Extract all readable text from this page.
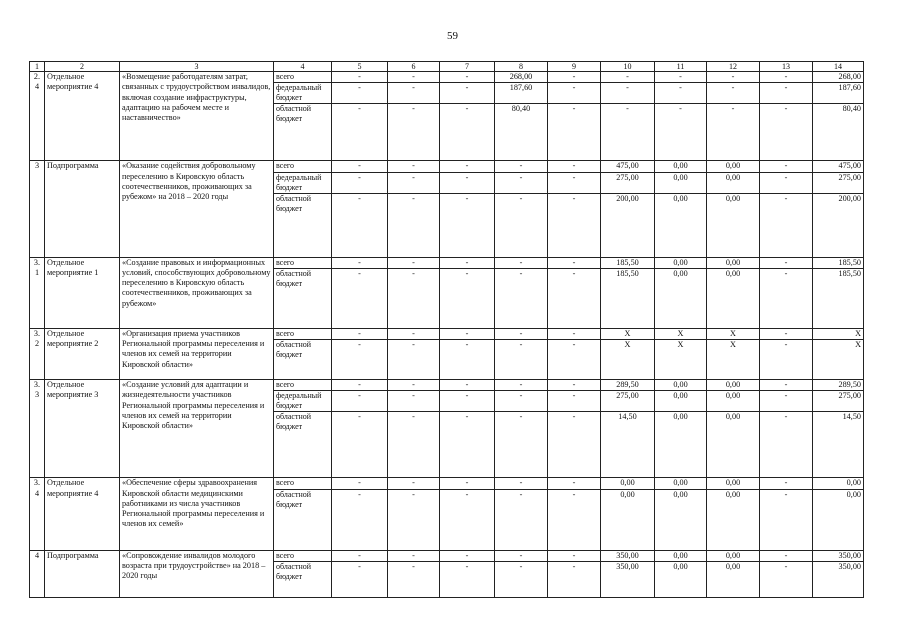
59
1	2	3	4	5	6	7	8	9	10	11	12	13	14
2.4	Отдельное мероприятие 4	«Возмещение работодателям затрат, связанных с трудоустройством инвалидов, включая создание инфраструктуры, адаптацию на рабочем месте и наставничество»	всего	-	-	-	268,00	-	-	-	-	-	268,00
			федеральный бюджет	-	-	-	187,60	-	-	-	-	-	187,60
			областной бюджет	-	-	-	80,40	-	-	-	-	-	80,40
3	Подпрограмма	«Оказание содействия добровольному переселению в Кировскую область соотечественников, проживающих за рубежом» на 2018 – 2020 годы	всего	-	-	-	-	-	475,00	0,00	0,00	-	475,00
			федеральный бюджет	-	-	-	-	-	275,00	0,00	0,00	-	275,00
			областной бюджет	-	-	-	-	-	200,00	0,00	0,00	-	200,00
3.1	Отдельное мероприятие 1	«Создание правовых и информационных условий, способствующих добровольному переселению в Кировскую область соотечественников, проживающих за рубежом»	всего	-	-	-	-	-	185,50	0,00	0,00	-	185,50
			областной бюджет	-	-	-	-	-	185,50	0,00	0,00	-	185,50
3.2	Отдельное мероприятие 2	«Организация приема участников Региональной программы переселения и членов их семей на территории Кировской области»	всего	-	-	-	-	-	Х	Х	Х	-	Х
			областной бюджет	-	-	-	-	-	Х	Х	Х	-	Х
3.3	Отдельное мероприятие 3	«Создание условий для адаптации и жизнедеятельности участников Региональной программы переселения и членов их семей на территории Кировской области»	всего	-	-	-	-	-	289,50	0,00	0,00	-	289,50
			федеральный бюджет	-	-	-	-	-	275,00	0,00	0,00	-	275,00
			областной бюджет	-	-	-	-	-	14,50	0,00	0,00	-	14,50
3.4	Отдельное мероприятие 4	«Обеспечение сферы здравоохранения Кировской области медицинскими работниками из числа участников Региональной программы переселения и членов их семей»	всего	-	-	-	-	-	0,00	0,00	0,00	-	0,00
			областной бюджет	-	-	-	-	-	0,00	0,00	0,00	-	0,00
4	Подпрограмма	«Сопровождение инвалидов молодого возраста при трудоустройстве» на 2018 – 2020 годы	всего	-	-	-	-	-	350,00	0,00	0,00	-	350,00
			областной бюджет	-	-	-	-	-	350,00	0,00	0,00	-	350,00
